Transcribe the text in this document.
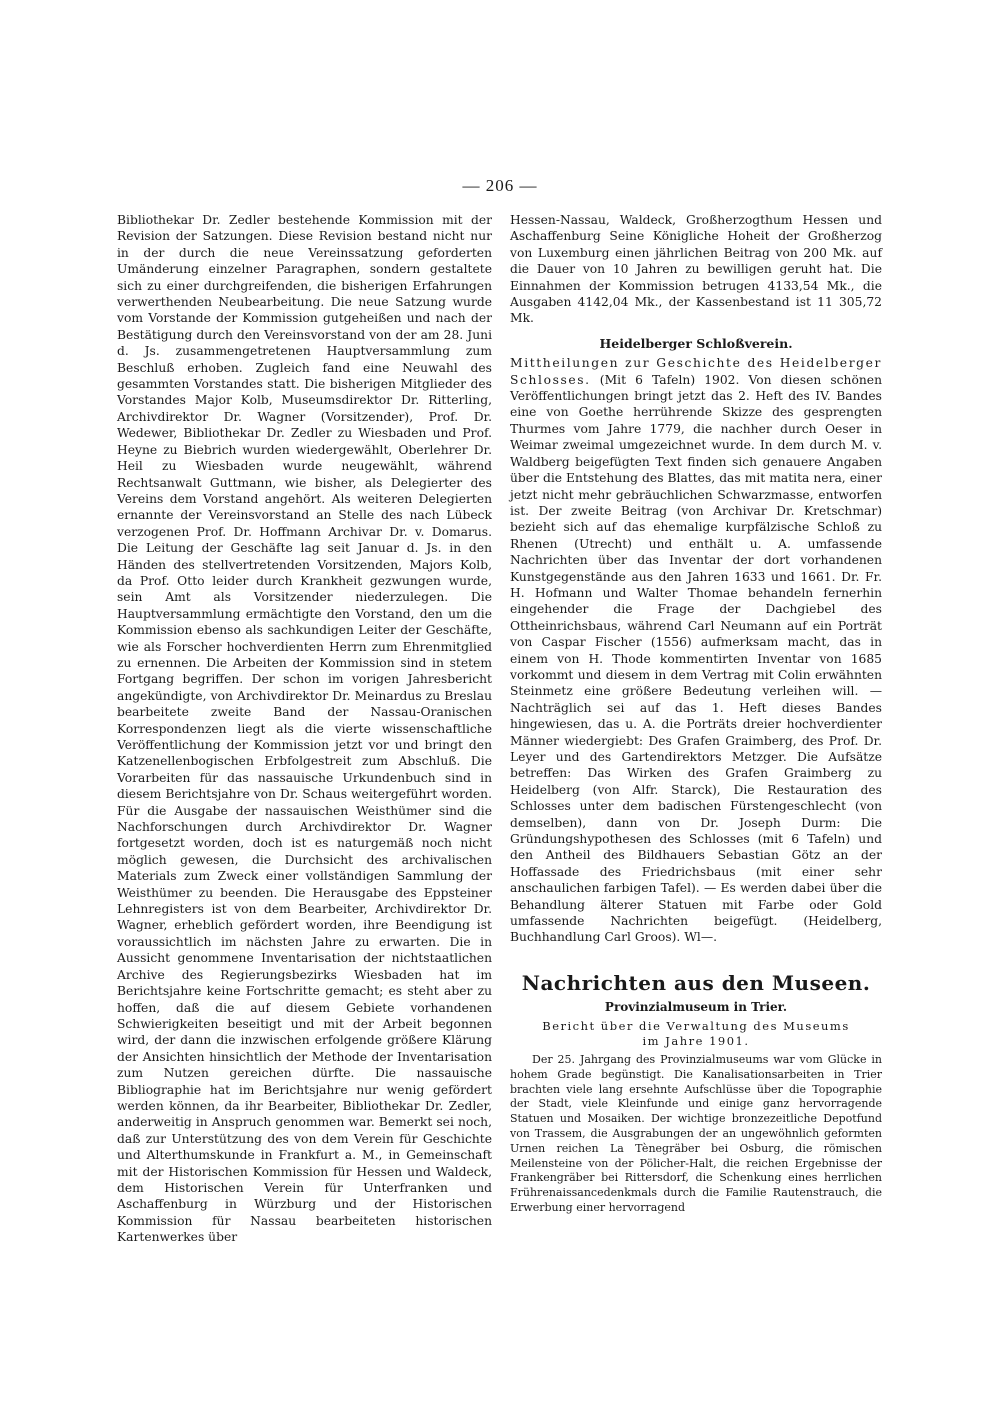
— 206 —

Bibliothekar Dr. Zedler bestehende Kommission mit der Revision der Satzungen. Diese Revision bestand nicht nur in der durch die neue Vereinssatzung geforderten Umänderung einzelner Paragraphen, sondern gestaltete sich zu einer durchgreifenden, die bisherigen Erfahrungen verwerthenden Neubearbeitung. Die neue Satzung wurde vom Vorstande der Kommission gutgeheißen und nach der Bestätigung durch den Vereinsvorstand von der am 28. Juni d. Js. zusammengetretenen Hauptversammlung zum Beschluß erhoben. Zugleich fand eine Neuwahl des gesammten Vorstandes statt. Die bisherigen Mitglieder des Vorstandes Major Kolb, Museumsdirektor Dr. Ritterling, Archivdirektor Dr. Wagner (Vorsitzender), Prof. Dr. Wedewer, Bibliothekar Dr. Zedler zu Wiesbaden und Prof. Heyne zu Biebrich wurden wiedergewählt, Oberlehrer Dr. Heil zu Wiesbaden wurde neugewählt, während Rechtsanwalt Guttmann, wie bisher, als Delegierter des Vereins dem Vorstand angehört. Als weiteren Delegierten ernannte der Vereinsvorstand an Stelle des nach Lübeck verzogenen Prof. Dr. Hoffmann Archivar Dr. v. Domarus. Die Leitung der Geschäfte lag seit Januar d. Js. in den Händen des stellvertretenden Vorsitzenden, Majors Kolb, da Prof. Otto leider durch Krankheit gezwungen wurde, sein Amt als Vorsitzender niederzulegen. Die Hauptversammlung ermächtigte den Vorstand, den um die Kommission ebenso als sachkundigen Leiter der Geschäfte, wie als Forscher hochverdienten Herrn zum Ehrenmitglied zu ernennen. Die Arbeiten der Kommission sind in stetem Fortgang begriffen. Der schon im vorigen Jahresbericht angekündigte, von Archivdirektor Dr. Meinardus zu Breslau bearbeitete zweite Band der Nassau-Oranischen Korrespondenzen liegt als die vierte wissenschaftliche Veröffentlichung der Kommission jetzt vor und bringt den Katzenellenbogischen Erbfolgestreit zum Abschluß. Die Vorarbeiten für das nassauische Urkundenbuch sind in diesem Berichtsjahre von Dr. Schaus weitergeführt worden. Für die Ausgabe der nassauischen Weisthümer sind die Nachforschungen durch Archivdirektor Dr. Wagner fortgesetzt worden, doch ist es naturgemäß noch nicht möglich gewesen, die Durchsicht des archivalischen Materials zum Zweck einer vollständigen Sammlung der Weisthümer zu beenden. Die Herausgabe des Eppsteiner Lehnregisters ist von dem Bearbeiter, Archivdirektor Dr. Wagner, erheblich gefördert worden, ihre Beendigung ist voraussichtlich im nächsten Jahre zu erwarten. Die in Aussicht genommene Inventarisation der nichtstaatlichen Archive des Regierungsbezirks Wiesbaden hat im Berichtsjahre keine Fortschritte gemacht; es steht aber zu hoffen, daß die auf diesem Gebiete vorhandenen Schwierigkeiten beseitigt und mit der Arbeit begonnen wird, der dann die inzwischen erfolgende größere Klärung der Ansichten hinsichtlich der Methode der Inventarisation zum Nutzen gereichen dürfte. Die nassauische Bibliographie hat im Berichtsjahre nur wenig gefördert werden können, da ihr Bearbeiter, Bibliothekar Dr. Zedler, anderweitig in Anspruch genommen war. Bemerkt sei noch, daß zur Unterstützung des von dem Verein für Geschichte und Alterthumskunde in Frankfurt a. M., in Gemeinschaft mit der Historischen Kommission für Hessen und Waldeck, dem Historischen Verein für Unterfranken und Aschaffenburg in Würzburg und der Historischen Kommission für Nassau bearbeiteten historischen Kartenwerkes über

Hessen-Nassau, Waldeck, Großherzogthum Hessen und Aschaffenburg Seine Königliche Hoheit der Großherzog von Luxemburg einen jährlichen Beitrag von 200 Mk. auf die Dauer von 10 Jahren zu bewilligen geruht hat. Die Einnahmen der Kommission betrugen 4133,54 Mk., die Ausgaben 4142,04 Mk., der Kassenbestand ist 11 305,72 Mk.

Heidelberger Schloßverein.

Mittheilungen zur Geschichte des Heidelberger Schlosses. (Mit 6 Tafeln) 1902. Von diesen schönen Veröffentlichungen bringt jetzt das 2. Heft des IV. Bandes eine von Goethe herrührende Skizze des gesprengten Thurmes vom Jahre 1779, die nachher durch Oeser in Weimar zweimal umgezeichnet wurde. In dem durch M. v. Waldberg beigefügten Text finden sich genauere Angaben über die Entstehung des Blattes, das mit matita nera, einer jetzt nicht mehr gebräuchlichen Schwarzmasse, entworfen ist. Der zweite Beitrag (von Archivar Dr. Kretschmar) bezieht sich auf das ehemalige kurpfälzische Schloß zu Rhenen (Utrecht) und enthält u. A. umfassende Nachrichten über das Inventar der dort vorhandenen Kunstgegenstände aus den Jahren 1633 und 1661. Dr. Fr. H. Hofmann und Walter Thomae behandeln fernerhin eingehender die Frage der Dachgiebel des Ottheinrichsbaus, während Carl Neumann auf ein Porträt von Caspar Fischer (1556) aufmerksam macht, das in einem von H. Thode kommentirten Inventar von 1685 vorkommt und diesem in dem Vertrag mit Colin erwähnten Steinmetz eine größere Bedeutung verleihen will. — Nachträglich sei auf das 1. Heft dieses Bandes hingewiesen, das u. A. die Porträts dreier hochverdienter Männer wiedergiebt: Des Grafen Graimberg, des Prof. Dr. Leyer und des Gartendirektors Metzger. Die Aufsätze betreffen: Das Wirken des Grafen Graimberg zu Heidelberg (von Alfr. Starck), Die Restauration des Schlosses unter dem badischen Fürstengeschlecht (von demselben), dann von Dr. Joseph Durm: Die Gründungshypothesen des Schlosses (mit 6 Tafeln) und den Antheil des Bildhauers Sebastian Götz an der Hoffassade des Friedrichsbaus (mit einer sehr anschaulichen farbigen Tafel). — Es werden dabei über die Behandlung älterer Statuen mit Farbe oder Gold umfassende Nachrichten beigefügt. (Heidelberg, Buchhandlung Carl Groos). Wl—.

Nachrichten aus den Museen.
Provinzialmuseum in Trier.
Bericht über die Verwaltung des Museums
im Jahre 1901.
Der 25. Jahrgang des Provinzialmuseums war vom Glücke in hohem Grade begünstigt. Die Kanalisationsarbeiten in Trier brachten viele lang ersehnte Aufschlüsse über die Topographie der Stadt, viele Kleinfunde und einige ganz hervorragende Statuen und Mosaiken. Der wichtige bronzezeitliche Depotfund von Trassem, die Ausgrabungen der an ungewöhnlich geformten Urnen reichen La Tènegräber bei Osburg, die römischen Meilensteine von der Pölicher-Halt, die reichen Ergebnisse der Frankengräber bei Rittersdorf, die Schenkung eines herrlichen Frührenaissancedenkmals durch die Familie Rautenstrauch, die Erwerbung einer hervorragend
